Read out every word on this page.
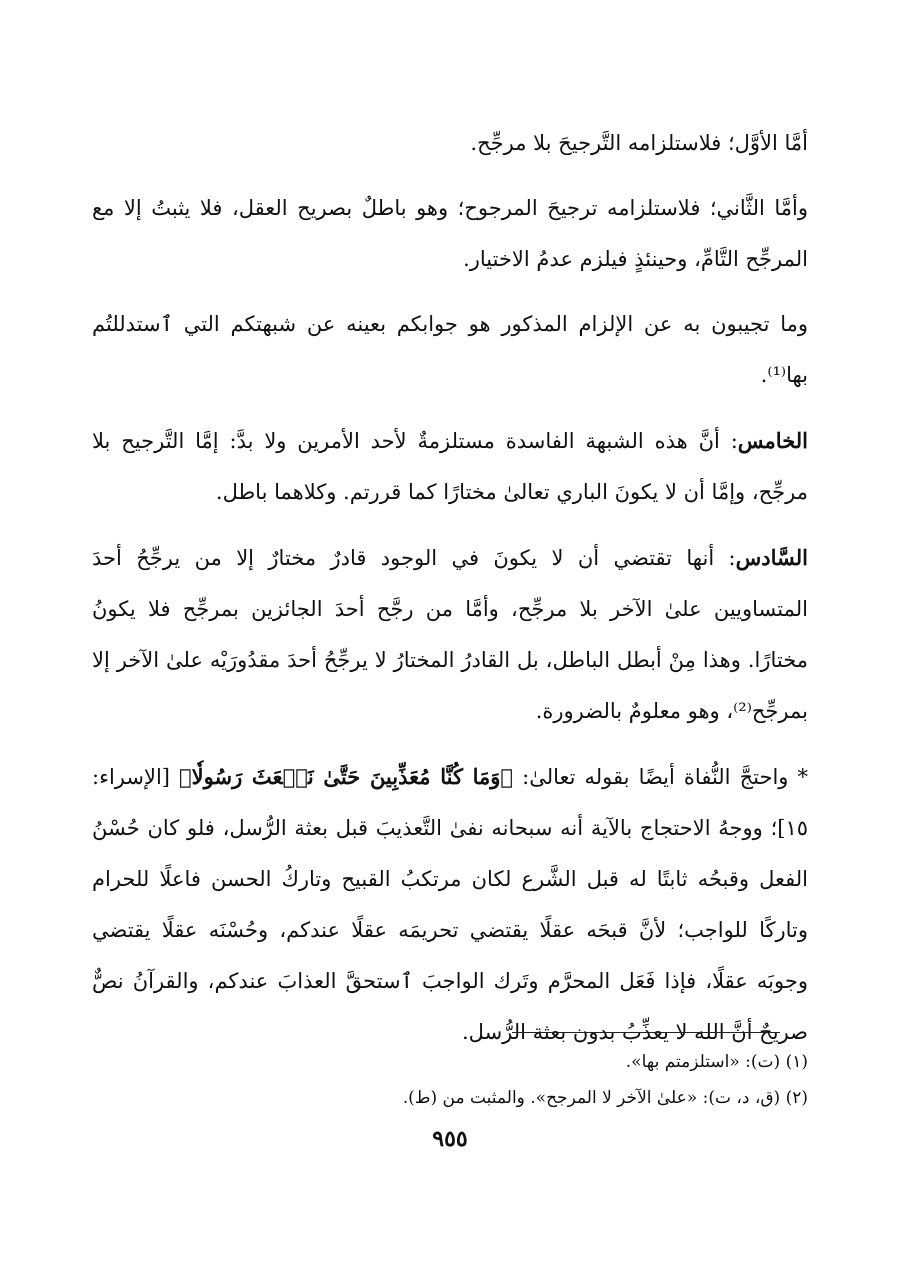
أمَّا الأوَّل؛ فلاستلزامه التَّرجيحَ بلا مرجِّح.

وأمَّا الثَّاني؛ فلاستلزامه ترجيحَ المرجوح؛ وهو باطلٌ بصريح العقل، فلا يثبتُ إلا مع المرجِّح التَّامِّ، وحينئذٍ فيلزم عدمُ الاختيار.

وما تجيبون به عن الإلزام المذكور هو جوابكم بعينه عن شبهتكم التي ٱستدللتُم بها⁽¹⁾.

الخامس: أنَّ هذه الشبهة الفاسدة مستلزمةٌ لأحد الأمرين ولا بدَّ: إمَّا التَّرجيح بلا مرجِّح، وإمَّا أن لا يكونَ الباري تعالىٰ مختارًا كما قررتم. وكلاهما باطل.

السَّادس: أنها تقتضي أن لا يكونَ في الوجود قادرٌ مختارٌ إلا من يرجِّحُ أحدَ المتساويين علىٰ الآخر بلا مرجِّح، وأمَّا من رجَّح أحدَ الجائزين بمرجِّح فلا يكونُ مختارًا. وهذا مِنْ أبطل الباطل، بل القادرُ المختارُ لا يرجِّحُ أحدَ مقدُورَيْه علىٰ الآخر إلا بمرجِّح⁽²⁾، وهو معلومٌ بالضرورة.

* واحتجَّ النُّفاة أيضًا بقوله تعالىٰ: ﴿وَمَا كُنَّا مُعَذِّبِينَ حَتَّىٰ نَبۡعَثَ رَسُولٗا﴾ [الإسراء: ١٥]؛ ووجهُ الاحتجاج بالآية أنه سبحانه نفىٰ التَّعذيبَ قبل بعثة الرُّسل، فلو كان حُسْنُ الفعل وقبحُه ثابتًا له قبل الشَّرع لكان مرتكبُ القبيح وتاركُ الحسن فاعلًا للحرام وتاركًا للواجب؛ لأنَّ قبحَه عقلًا يقتضي تحريمَه عقلًا عندكم، وحُسْنَه عقلًا يقتضي وجوبَه عقلًا، فإذا فَعَل المحرَّم وتَرك الواجبَ ٱستحقَّ العذابَ عندكم، والقرآنُ نصٌّ صريحٌ أنَّ الله لا يعذِّبُ بدون بعثة الرُّسل.

(١) (ت): «استلزمتم بها».

(٢) (ق، د، ت): «علىٰ الآخر لا المرجح». والمثبت من (ط).

٩٥٥
